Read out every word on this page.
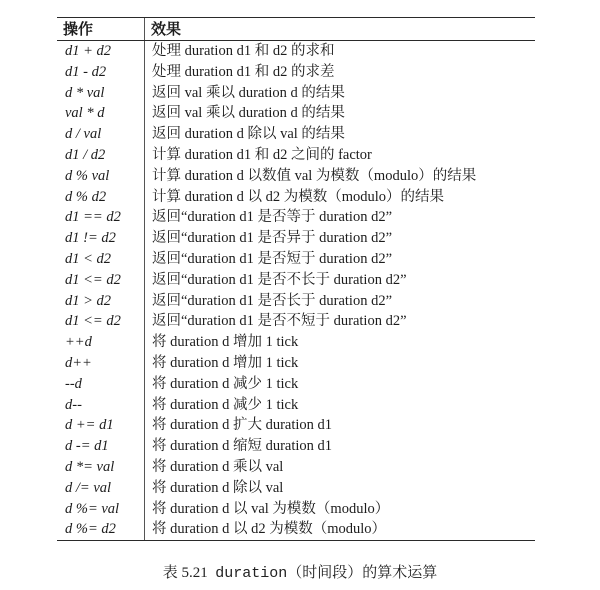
操作	效果
d1 + d2	处理 duration d1 和 d2 的求和
d1 - d2	处理 duration d1 和 d2 的求差
d * val	返回 val 乘以 duration d 的结果
val * d	返回 val 乘以 duration d 的结果
d / val	返回 duration d 除以 val 的结果
d1 / d2	计算 duration d1 和 d2 之间的 factor
d % val	计算 duration d 以数值 val 为模数（modulo）的结果
d % d2	计算 duration d 以 d2 为模数（modulo）的结果
d1 == d2	返回“duration d1 是否等于 duration d2”
d1 != d2	返回“duration d1 是否异于 duration d2”
d1 < d2	返回“duration d1 是否短于 duration d2”
d1 <= d2	返回“duration d1 是否不长于 duration d2”
d1 > d2	返回“duration d1 是否长于 duration d2”
d1 <= d2	返回“duration d1 是否不短于 duration d2”
++d	将 duration d 增加 1 tick
d++	将 duration d 增加 1 tick
--d	将 duration d 减少 1 tick
d--	将 duration d 减少 1 tick
d += d1	将 duration d 扩大 duration d1
d -= d1	将 duration d 缩短 duration d1
d *= val	将 duration d 乘以 val
d /= val	将 duration d 除以 val
d %= val	将 duration d 以 val 为模数（modulo）
d %= d2	将 duration d 以 d2 为模数（modulo）
表 5.21 duration（时间段）的算术运算
